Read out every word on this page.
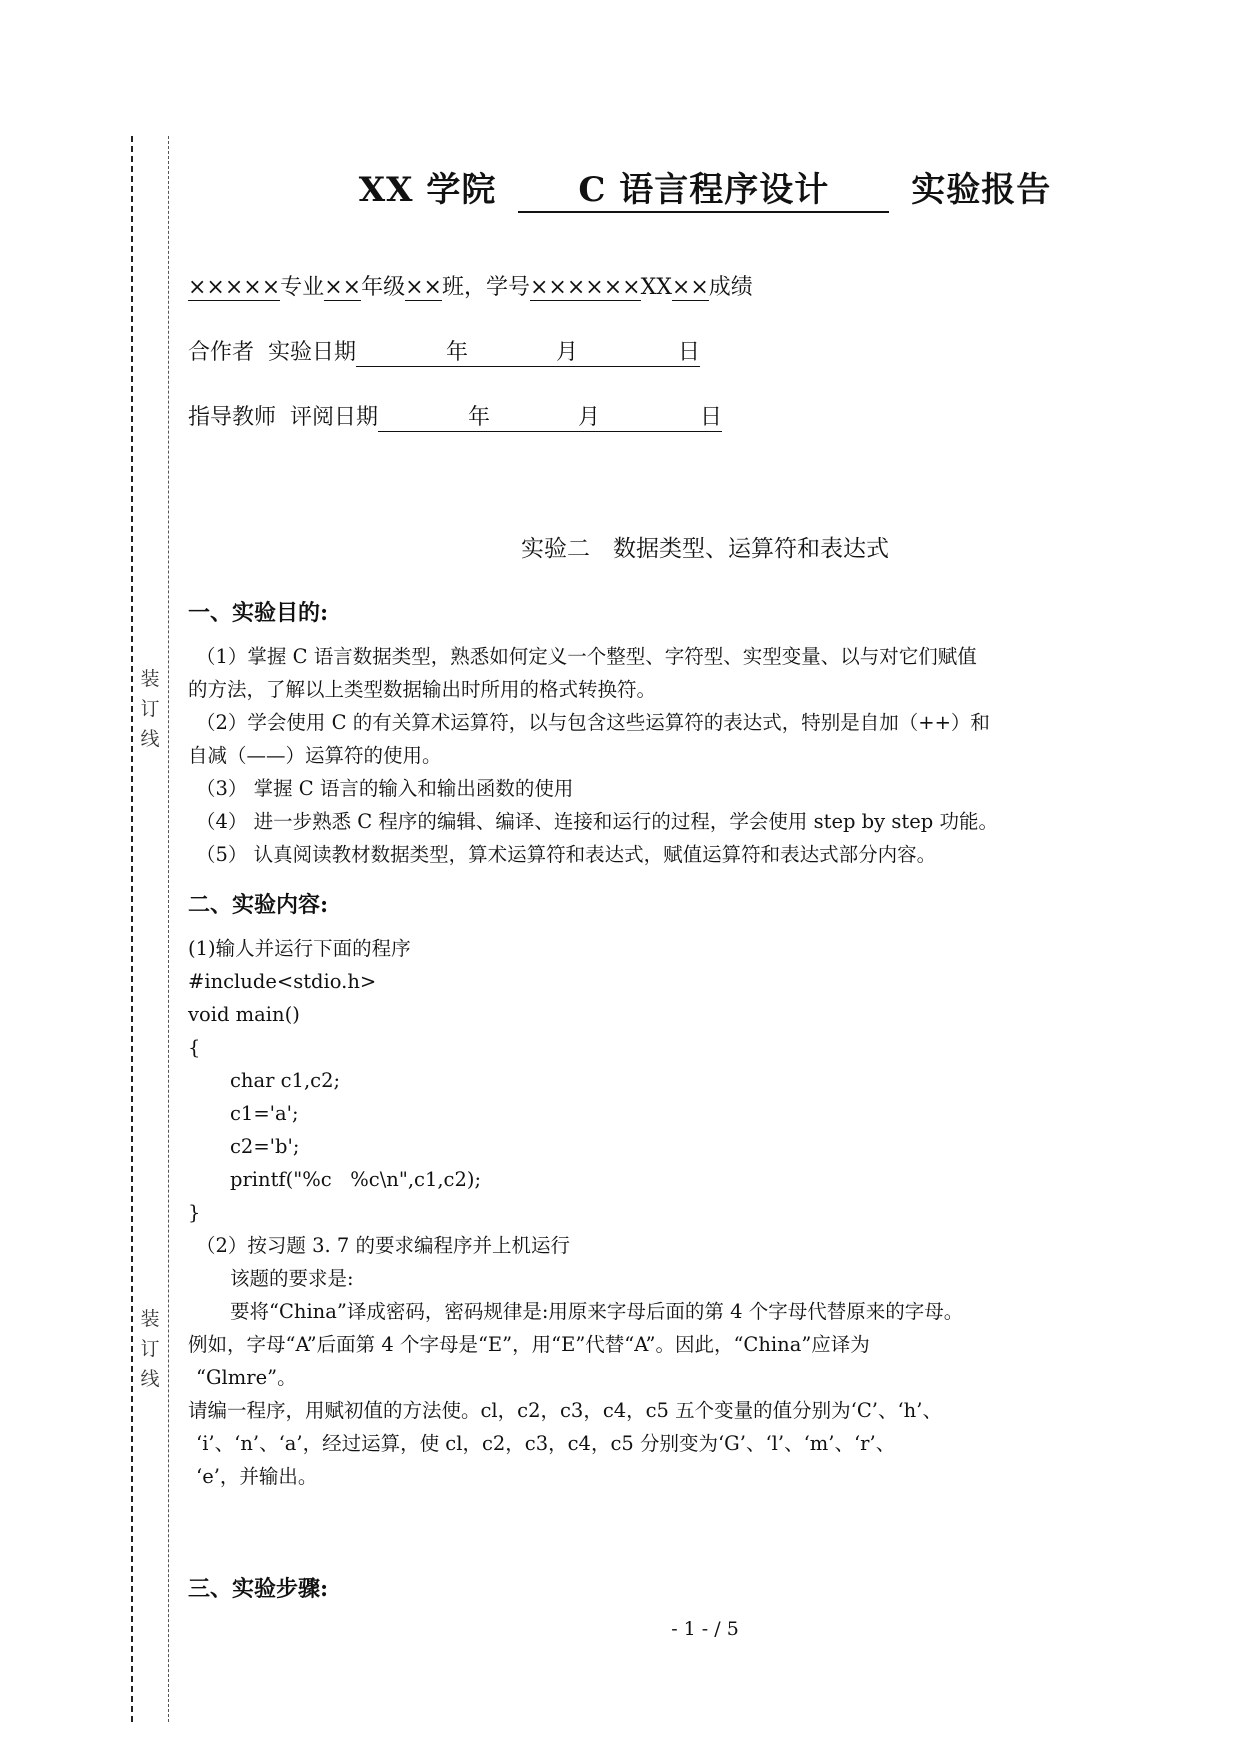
装
订
线
装
订
线
XX 学院 C 语言程序设计 实验报告
×××××专业××年级××班，学号××××××XX××成绩
合作者 实验日期	年	月	日
指导教师 评阅日期	年	月	日
实验二　数据类型、运算符和表达式
一、实验目的:
（1）掌握 C 语言数据类型，熟悉如何定义一个整型、字符型、实型变量、以与对它们赋值
的方法，了解以上类型数据输出时所用的格式转换符。
（2）学会使用 C 的有关算术运算符，以与包含这些运算符的表达式，特别是自加（++）和
自减（——）运算符的使用。
（3） 掌握 C 语言的输入和输出函数的使用
（4） 进一步熟悉 C 程序的编辑、编译、连接和运行的过程，学会使用 step by step 功能。
（5） 认真阅读教材数据类型，算术运算符和表达式，赋值运算符和表达式部分内容。
二、实验内容:
(1)输人并运行下面的程序
#include<stdio.h>
void main()
{
char c1,c2;
c1='a';
c2='b';
printf("%c   %c\n",c1,c2);
}
（2）按习题 3. 7 的要求编程序并上机运行
该题的要求是:
要将“China”译成密码，密码规律是:用原来字母后面的第 4 个字母代替原来的字母。
例如，字母“A”后面第 4 个字母是“E”，用“E”代替“A”。因此，“China”应译为
“Glmre”。
请编一程序，用赋初值的方法使。cl，c2，c3，c4，c5 五个变量的值分别为‘C’、‘h’、
‘i’、‘n’、‘a’，经过运算，使 cl，c2，c3，c4，c5 分别变为‘G’、‘l’、‘m’、‘r’、
‘e’，并输出。
三、实验步骤:
- 1 - / 5
